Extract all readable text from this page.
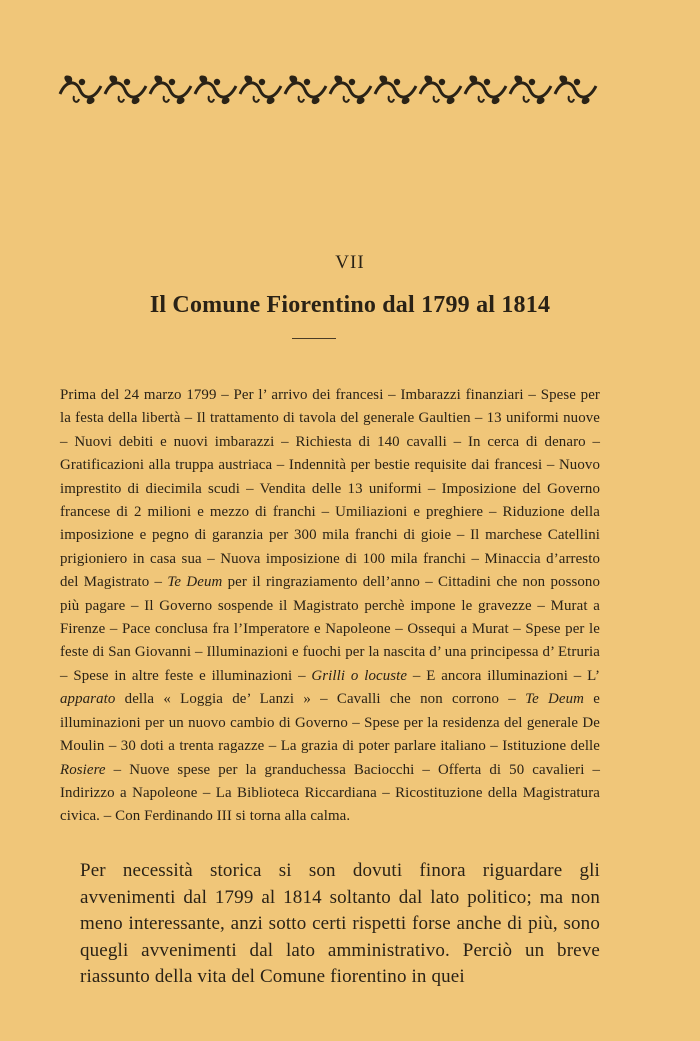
VII
Il Comune Fiorentino dal 1799 al 1814
Prima del 24 marzo 1799 – Per l’ arrivo dei francesi – Imbarazzi finanziari – Spese per la festa della libertà – Il trattamento di tavola del generale Gaultien – 13 uniformi nuove – Nuovi debiti e nuovi imbarazzi – Richiesta di 140 cavalli – In cerca di denaro – Gratificazioni alla truppa austriaca – Indennità per bestie requisite dai francesi – Nuovo imprestito di diecimila scudi – Vendita delle 13 uniformi – Imposizione del Governo francese di 2 milioni e mezzo di franchi – Umiliazioni e preghiere – Riduzione della imposizione e pegno di garanzia per 300 mila franchi di gioie – Il marchese Catellini prigioniero in casa sua – Nuova imposizione di 100 mila franchi – Minaccia d’arresto del Magistrato – Te Deum per il ringraziamento dell’anno – Cittadini che non possono più pagare – Il Governo sospende il Magistrato perchè impone le gravezze – Murat a Firenze – Pace conclusa fra l’Imperatore e Napoleone – Ossequi a Murat – Spese per le feste di San Giovanni – Illuminazioni e fuochi per la nascita d’ una principessa d’ Etruria – Spese in altre feste e illuminazioni – Grilli o locuste – E ancora illuminazioni – L’ apparato della « Loggia de’ Lanzi » – Cavalli che non corrono – Te Deum e illuminazioni per un nuovo cambio di Governo – Spese per la residenza del generale De Moulin – 30 doti a trenta ragazze – La grazia di poter parlare italiano – Istituzione delle Rosiere – Nuove spese per la granduchessa Baciocchi – Offerta di 50 cavalieri – Indirizzo a Napoleone – La Biblioteca Riccardiana – Ricostituzione della Magistratura civica. – Con Ferdinando III si torna alla calma.
Per necessità storica si son dovuti finora riguardare gli avvenimenti dal 1799 al 1814 soltanto dal lato politico; ma non meno interessante, anzi sotto certi rispetti forse anche di più, sono quegli avvenimenti dal lato amministrativo. Perciò un breve riassunto della vita del Comune fiorentino in quei
